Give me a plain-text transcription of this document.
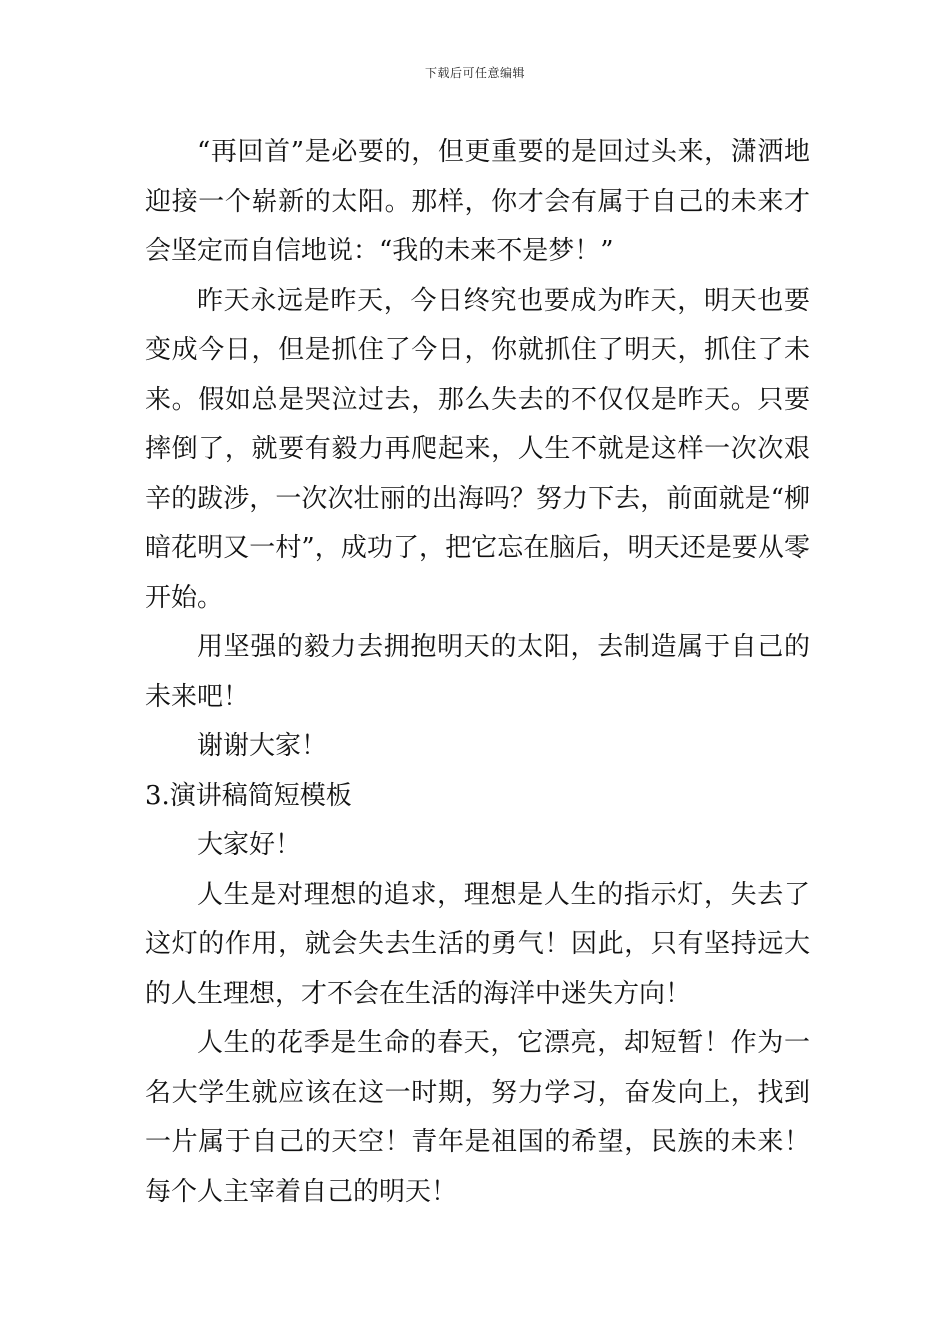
下载后可任意编辑

“再回首”是必要的，但更重要的是回过头来，潇洒地迎接一个崭新的太阳。那样，你才会有属于自己的未来才会坚定而自信地说：“我的未来不是梦！”

昨天永远是昨天，今日终究也要成为昨天，明天也要变成今日，但是抓住了今日，你就抓住了明天，抓住了未来。假如总是哭泣过去，那么失去的不仅仅是昨天。只要摔倒了，就要有毅力再爬起来，人生不就是这样一次次艰辛的跋涉，一次次壮丽的出海吗？努力下去，前面就是“柳暗花明又一村”，成功了，把它忘在脑后，明天还是要从零开始。

用坚强的毅力去拥抱明天的太阳，去制造属于自己的未来吧！

谢谢大家！

3.演讲稿简短模板

大家好！

人生是对理想的追求，理想是人生的指示灯，失去了这灯的作用，就会失去生活的勇气！因此，只有坚持远大的人生理想，才不会在生活的海洋中迷失方向！

人生的花季是生命的春天，它漂亮，却短暂！作为一名大学生就应该在这一时期，努力学习，奋发向上，找到一片属于自己的天空！青年是祖国的希望，民族的未来！每个人主宰着自己的明天！
